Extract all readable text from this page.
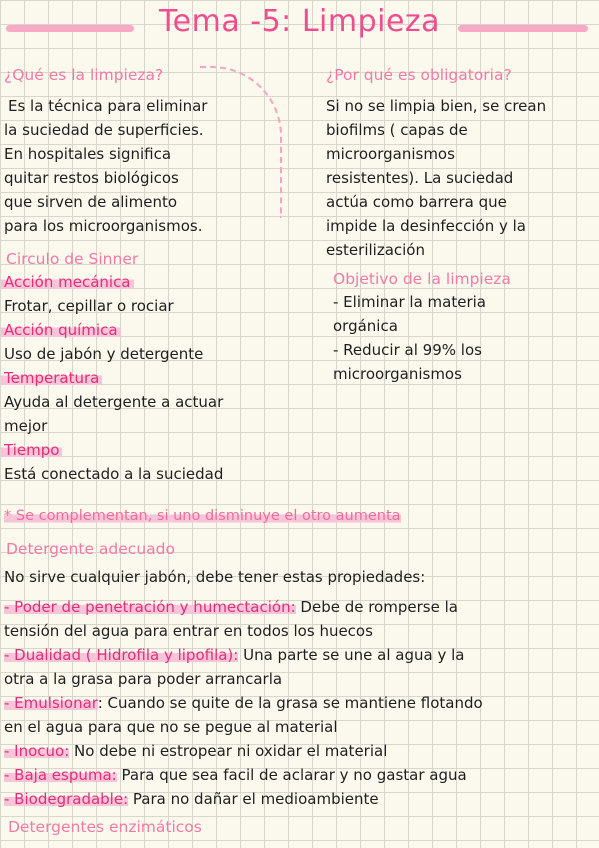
Tema -5: Limpieza
¿Qué es la limpieza?
Es la técnica para eliminar
la suciedad de superficies.
En hospitales significa
quitar restos biológicos
que sirven de alimento
para los microorganismos.
¿Por qué es obligatoria?
Si no se limpia bien, se crean
biofilms ( capas de
microorganismos
resistentes). La suciedad
actúa como barrera que
impide la desinfección y la
esterilización
Circulo de Sinner
Acción mecánica
Frotar, cepillar o rociar
Acción química
Uso de jabón y detergente
Temperatura
Ayuda al detergente a actuar
mejor
Tiempo
Está conectado a la suciedad
Objetivo de la limpieza
- Eliminar la materia
orgánica
- Reducir al 99% los
microorganismos
* Se complementan, si uno disminuye el otro aumenta
Detergente adecuado
No sirve cualquier jabón, debe tener estas propiedades:
- Poder de penetración y humectación: Debe de romperse la
tensión del agua para entrar en todos los huecos
- Dualidad ( Hidrofila y lipofila): Una parte se une al agua y la
otra a la grasa para poder arrancarla
- Emulsionar: Cuando se quite de la grasa se mantiene flotando
en el agua para que no se pegue al material
- Inocuo: No debe ni estropear ni oxidar el material
- Baja espuma: Para que sea facil de aclarar y no gastar agua
- Biodegradable: Para no dañar el medioambiente
Detergentes enzimáticos
